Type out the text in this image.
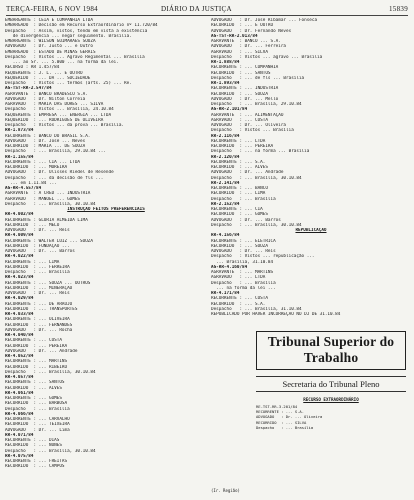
TERÇA-FEIRA, 6 NOV 1984	DIÁRIO DA JUSTIÇA	15839
EMBARGANTE : CEIA E COMPANHIA LTDA
EMBARGADO  : Decisão em Recurso Extraordinário nº 11.720/84
Despacho   : Assim, vistos, tendo em vista a existência
de divergência ... negar seguimento. Brasília.
EMBARGANTE : WILSON GUIMARÃES SOUZA
ADVOGADO   : Dr. Justo ... e Outro
EMBARGADO  : ESTADO DE MINAS GERAIS
Despacho   : Vistos ... Agravo Regimental ... Brasília
... ao Sr. ... 5.000 ... na forma da lei.
RECURSO : RR 1.457/84
REQUERENTE : J. L. ... E OUTRO
REQUERIDO  : ... DA ... SOCIEDADE
Despacho   : Vistos ... termos (arts. 25) ... Re.
AG-TST-RR-2.547/84
AGRAVANTE  : BANCO BRADESCO S.A.
ADVOGADO   : Dr. Nilton Correia
AGRAVADO   : MARIA DAS DORES ... SILVA
Despacho   : Vistos ... Brasília, 24.10.84
REQUERENTE : EMPRESA ... ENERGIA ... LTDA
REQUERIDO  : ... RODRIGUES DE OLIVEIRA
Despacho   : Vistos ... da prova ... Brasília.
RR-1.873/84
RECORRENTE : BANCO DO BRASIL S.A.
ADVOGADO   : Dr. José ... Neves
RECORRIDO  : MARIA ... DE SOUZA
Despacho   : ... Brasília, 29.10.84 ...
RR-1.155/84
RECORRENTE : ... CIA ... LTDA
RECORRIDO  : ... MOREIRA
ADVOGADO   : Dr. Ulisses Riedel de Resende
Despacho   : ... da decisão de fls ...
... em 1.11.84 ...
AG-RR-4.557/84
AGRAVANTE  : A CRED ... INDÚSTRIA
AGRAVADO   : MANOEL ... GOMES
Despacho   : ... Brasília, 30.10.84
INSTRUÇÃO FEITOS PREFERENCIAIS
RR-4.002/84
RECORRENTE : GLORIA ALMEIDA LIMA
RECORRIDO  : ... MELO
ADVOGADO   : Dr. ... Reis
RR-4.009/84
RECORRENTE : WALTER LUIZ ... SOUZA
RECORRIDO  : FUNDAÇÃO ...
ADVOGADO   : Dr. ... Barros
RR-4.022/84
RECORRENTE : ... LIMA
RECORRIDO  : ... FERREIRA
Despacho   : ... Brasília
RR-4.023/84
RECORRENTE : ... SOUZA ... OUTROS
RECORRIDO  : ... MINERAÇÃO
ADVOGADO   : Dr. ... Reis
RR-4.029/84
RECORRENTE : ... DE ARAÚJO
RECORRIDO  : ... TRANSPORTES
RR-4.033/84
RECORRENTE : ... OLIVEIRA
RECORRIDO  : ... FERNANDES
ADVOGADO   : Dr. ... Rocha
RR-4.040/84
RECORRENTE : ... COSTA
RECORRIDO  : ... PEREIRA
ADVOGADO   : Dr. ... Andrade
RR-4.052/84
RECORRENTE : ... MARTINS
RECORRIDO  : ... RIBEIRO
Despacho   : ... Brasília, 30.10.84
RR-4.057/84
RECORRENTE : ... SANTOS
RECORRIDO  : ... ALVES
RR-4.061/84
RECORRENTE : ... GOMES
RECORRIDO  : ... BARBOSA
Despacho   : ... Brasília
RR-4.066/84
RECORRENTE : ... CARVALHO
RECORRIDO  : ... TEIXEIRA
ADVOGADO   : Dr. ... Lima
RR-4.071/84
RECORRENTE : ... DIAS
RECORRIDO  : ... NUNES
Despacho   : ... Brasília, 30.10.84
RR-4.075/84
RECORRENTE : ... FREITAS
RECORRIDO  : ... CAMPOS
ADVOGADO   : Dr. José Ribamar ... Fonseca
RECORRIDO  : ... E OUTRO
ADVOGADO   : Dr. Fernando Neves
AG-TST-RR-2.013/84
AGRAVANTE  : BANCO ... S.A.
ADVOGADO   : Dr. ... Ferreira
AGRAVADO   : ... SILVA
Despacho   : Vistos ... agravo ... Brasília
RR-1.888/84
RECORRENTE : ... COMPANHIA
RECORRIDO  : ... SANTOS
Despacho   : ... de fls ... Brasília
RR-1.893/84
RECORRENTE : ... INDÚSTRIA
RECORRIDO  : ... SOUZA
ADVOGADO   : Dr. ... Mello
Despacho   : ... Brasília, 29.10.84
AG-RR-2.101/84
AGRAVANTE  : ... ALIMENTAÇÃO
AGRAVADO   : ... COSTA
ADVOGADO   : Dr. ... Oliveira
Despacho   : Vistos ... Brasília
RR-2.116/84
RECORRENTE : ... LTDA
RECORRIDO  : ... PEREIRA
Despacho   : ... na forma ... Brasília
RR-2.120/84
RECORRENTE : ... S.A.
RECORRIDO  : ... ALVES
ADVOGADO   : Dr. ... Andrade
Despacho   : ... Brasília, 30.10.84
RR-2.141/84
RECORRENTE : ... BANCO
RECORRIDO  : ... LIMA
Despacho   : ... Brasília
RR-2.152/84
RECORRENTE : ... CIA
RECORRIDO  : ... GOMES
ADVOGADO   : Dr. ... Barros
Despacho   : ... Brasília, 30.10.84
REPUBLICAÇÃO
RR-4.156/84
RECORRENTE : ... ELÉTRICA
RECORRIDO  : ... SOUZA
ADVOGADO   : Dr. ... Reis
Despacho   : Vistos ... republicação ...
... Brasília, 31.10.84
AG-RR-4.160/84
AGRAVANTE  : ... MARTINS
AGRAVADO   : ... LTDA
Despacho   : ... Brasília
... na forma da lei ...
RR-4.171/84
RECORRENTE : ... COSTA
RECORRIDO  : ... S.A.
Despacho   : ... Brasília, 31.10.84
REPUBLICADO POR HAVER INCORREÇÃO NO DJ DE 31.10.84
Tribunal Superior do Trabalho
Secretaria do Tribunal Pleno
RECURSO EXTRAORDINÁRIO
RE-TST-RR-3.201/84
RECORRENTE : ... S.A.
ADVOGADO   : Dr. ... Oliveira
RECORRIDO  : ... SILVA
Despacho   : ... Brasília
(Ir. Região)
